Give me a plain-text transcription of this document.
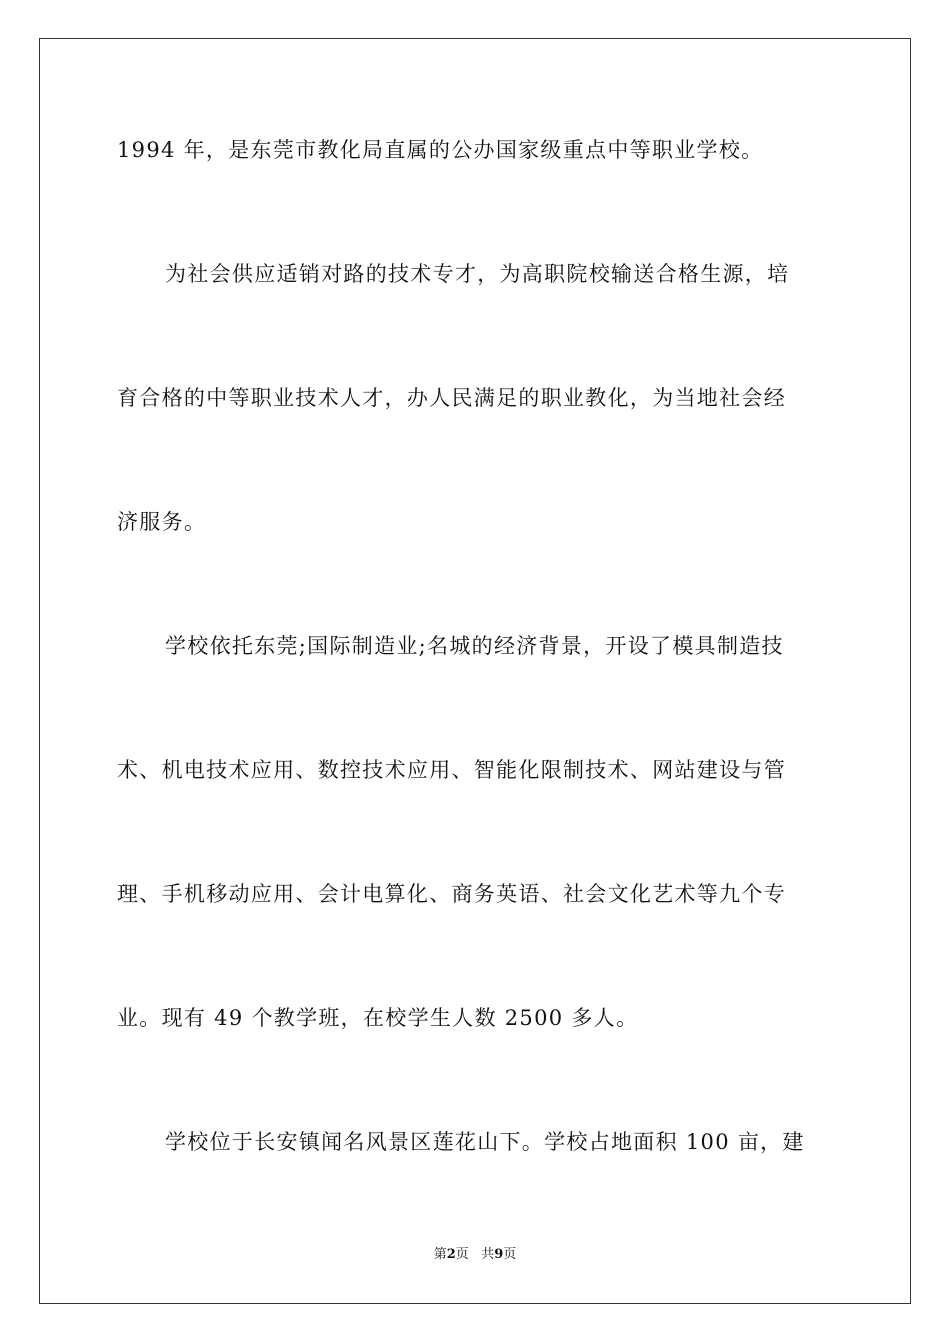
1994 年，是东莞市教化局直属的公办国家级重点中等职业学校。

为社会供应适销对路的技术专才，为高职院校输送合格生源，培

育合格的中等职业技术人才，办人民满足的职业教化，为当地社会经

济服务。

学校依托东莞;国际制造业;名城的经济背景，开设了模具制造技

术、机电技术应用、数控技术应用、智能化限制技术、网站建设与管

理、手机移动应用、会计电算化、商务英语、社会文化艺术等九个专

业。现有 49 个教学班，在校学生人数 2500 多人。

学校位于长安镇闻名风景区莲花山下。学校占地面积 100 亩，建

第2页 共9页
